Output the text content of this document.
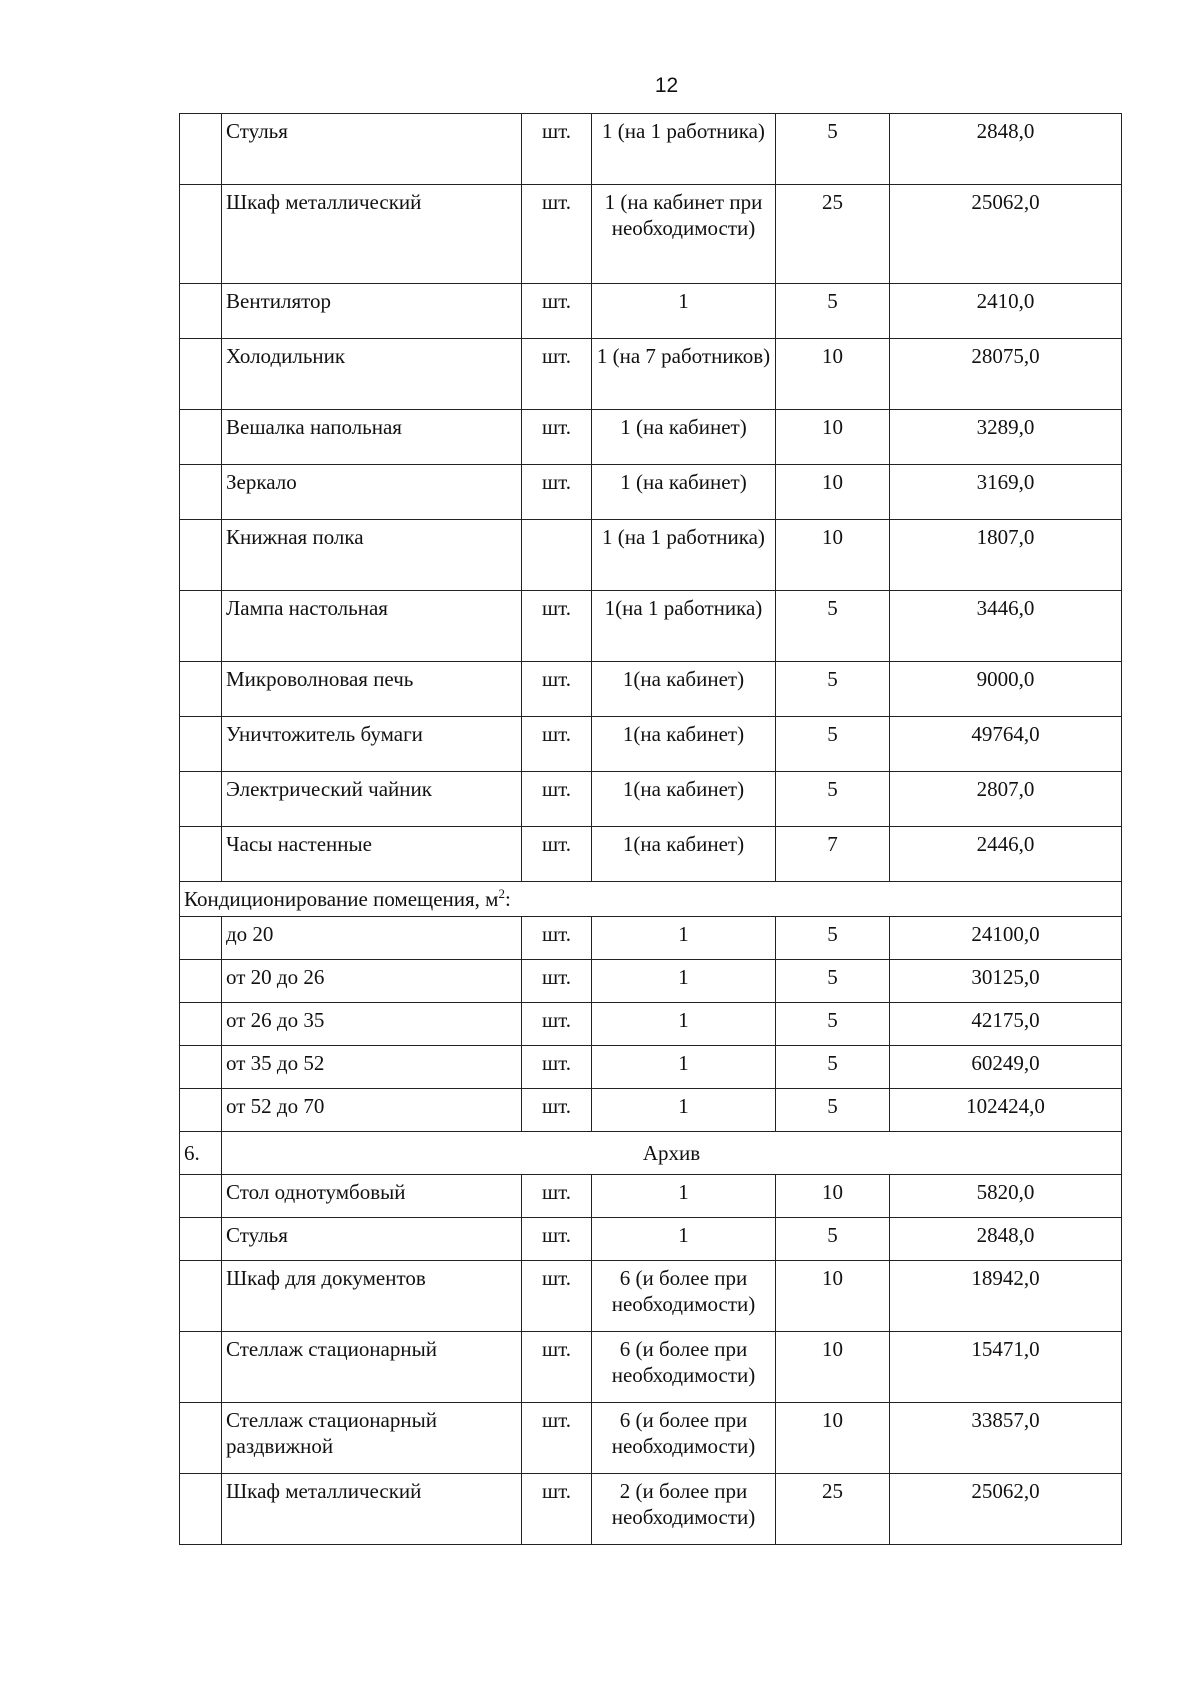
12
	Стулья	шт.	1 (на 1 работника)	5	2848,0
	Шкаф металлический	шт.	1 (на кабинет при необходимости)	25	25062,0
	Вентилятор	шт.	1	5	2410,0
	Холодильник	шт.	1 (на 7 работников)	10	28075,0
	Вешалка напольная	шт.	1 (на кабинет)	10	3289,0
	Зеркало	шт.	1 (на кабинет)	10	3169,0
	Книжная полка		1 (на 1 работника)	10	1807,0
	Лампа настольная	шт.	1(на 1 работника)	5	3446,0
	Микроволновая печь	шт.	1(на кабинет)	5	9000,0
	Уничтожитель бумаги	шт.	1(на кабинет)	5	49764,0
	Электрический чайник	шт.	1(на кабинет)	5	2807,0
	Часы настенные	шт.	1(на кабинет)	7	2446,0
Кондиционирование помещения, $м^2$:					
	до 20	шт.	1	5	24100,0
	от 20 до 26	шт.	1	5	30125,0
	от 26 до 35	шт.	1	5	42175,0
	от 35 до 52	шт.	1	5	60249,0
	от 52 до 70	шт.	1	5	102424,0
6.	Архив				
	Стол однотумбовый	шт.	1	10	5820,0
	Стулья	шт.	1	5	2848,0
	Шкаф для документов	шт.	6 (и более при необходимости)	10	18942,0
	Стеллаж стационарный	шт.	6 (и более при необходимости)	10	15471,0
	Стеллаж стационарный раздвижной	шт.	6 (и более при необходимости)	10	33857,0
	Шкаф металлический	шт.	2 (и более при необходимости)	25	25062,0
